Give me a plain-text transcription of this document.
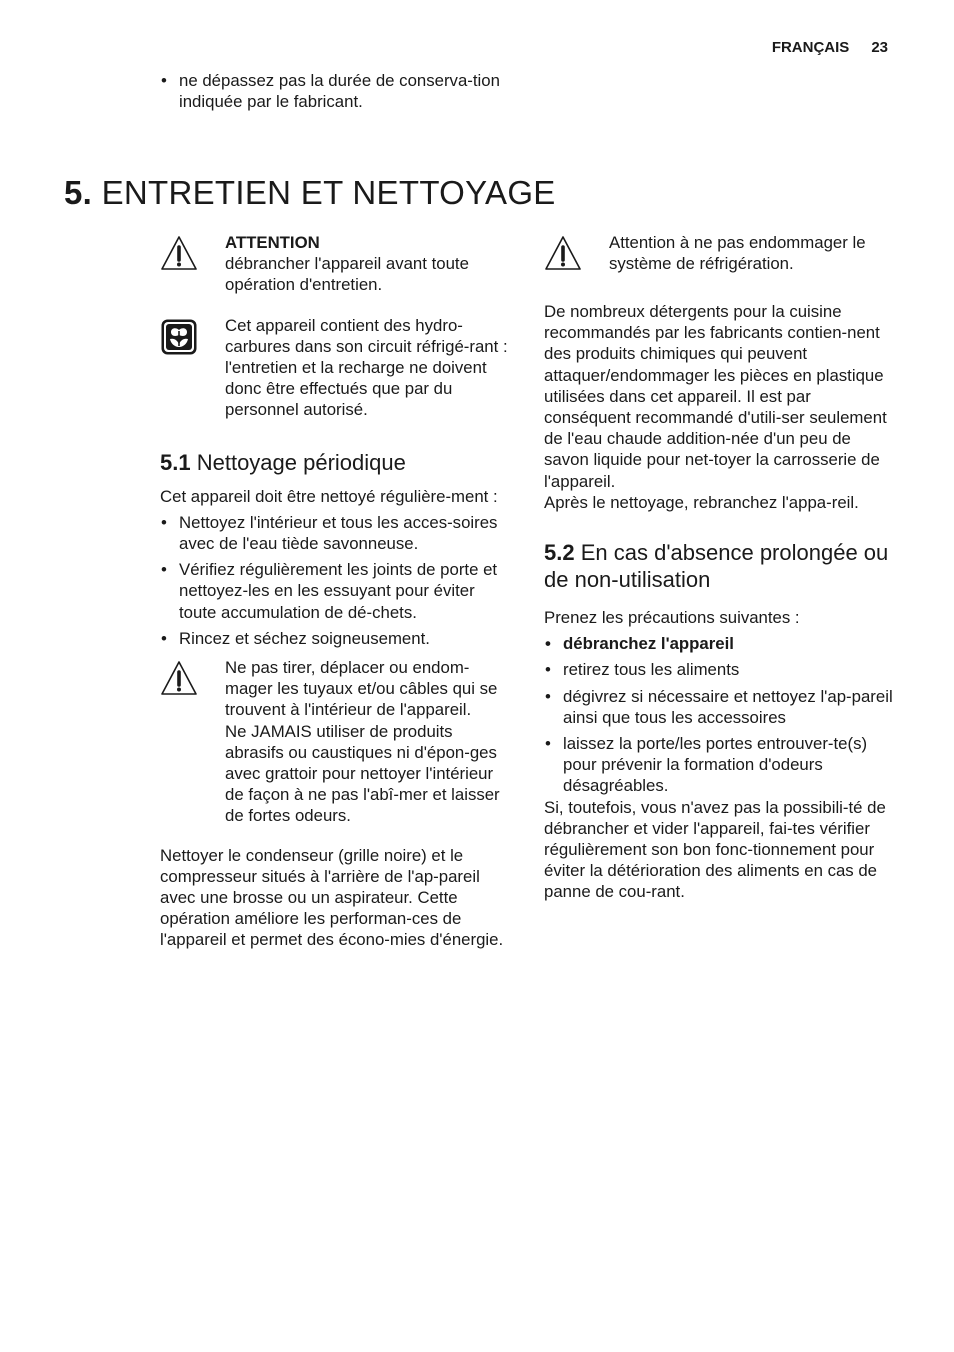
FRANÇAIS 23
• ne dépassez pas la durée de conserva-tion indiquée par le fabricant.
5. ENTRETIEN ET NETTOYAGE

ATTENTION

débrancher l'appareil avant toute opération d'entretien.

Cet appareil contient des hydro-carbures dans son circuit réfrigé-rant : l'entretien et la recharge ne doivent donc être effectués que par du personnel autorisé.

5.1 Nettoyage périodique

Cet appareil doit être nettoyé régulière-ment :

• Nettoyez l'intérieur et tous les acces-soires avec de l'eau tiède savonneuse.
• Vérifiez régulièrement les joints de porte et nettoyez-les en les essuyant pour éviter toute accumulation de dé-chets.
• Rincez et séchez soigneusement.

Ne pas tirer, déplacer ou endom-mager les tuyaux et/ou câbles qui se trouvent à l'intérieur de l'appareil.

Ne JAMAIS utiliser de produits abrasifs ou caustiques ni d'épon-ges avec grattoir pour nettoyer l'intérieur de façon à ne pas l'abî-mer et laisser de fortes odeurs.

Nettoyer le condenseur (grille noire) et le compresseur situés à l'arrière de l'ap-pareil avec une brosse ou un aspirateur. Cette opération améliore les performan-ces de l'appareil et permet des écono-mies d'énergie.

Attention à ne pas endommager le système de réfrigération.

De nombreux détergents pour la cuisine recommandés par les fabricants contien-nent des produits chimiques qui peuvent attaquer/endommager les pièces en plastique utilisées dans cet appareil. Il est par conséquent recommandé d'utili-ser seulement de l'eau chaude addition-née d'un peu de savon liquide pour net-toyer la carrosserie de l'appareil.

Après le nettoyage, rebranchez l'appa-reil.

5.2 En cas d'absence prolongée ou de non-utilisation

Prenez les précautions suivantes :

• débranchez l'appareil
• retirez tous les aliments
• dégivrez si nécessaire et nettoyez l'ap-pareil ainsi que tous les accessoires
• laissez la porte/les portes entrouver-te(s) pour prévenir la formation d'odeurs désagréables.

Si, toutefois, vous n'avez pas la possibili-té de débrancher et vider l'appareil, fai-tes vérifier régulièrement son bon fonc-tionnement pour éviter la détérioration des aliments en cas de panne de cou-rant.
